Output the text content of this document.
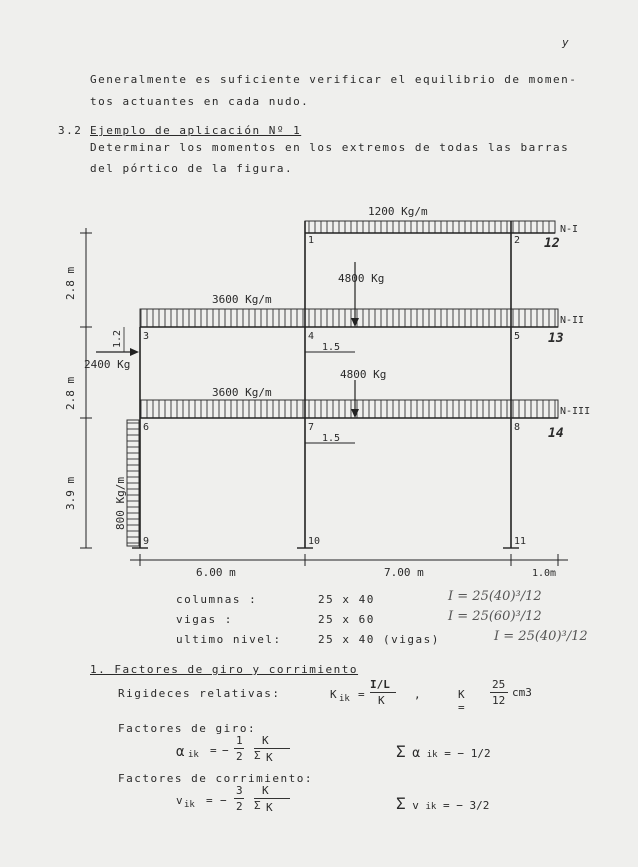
y
Generalmente es suficiente verificar el equilibrio de momen-
tos actuantes en cada nudo.
3.2 Ejemplo de aplicación Nº 1
Determinar los momentos en los extremos de todas las barras
del pórtico de la figura.
1200 Kg/m
3600 Kg/m
3600 Kg/m
4800 Kg
4800 Kg
2400 Kg
1.2
800 Kg/m
1.5
1.5
2.8 m
2.8 m
3.9 m
6.00 m	7.00 m	1.0m
N-I
N-II
N-III
1	2
3	4	5
6	7	8
9	10	11
12
13
14
columnas :	25 x 40	I = 25(40)³/12
vigas :	25 x 60	I = 25(60)³/12
ultimo nivel:	25 x 40 (vigas)	I = 25(40)³/12
1. Factores de giro y corrimiento
Rigideces relativas:	K ik =
I/L
K	,	K =
25
12
cm3
Factores de giro:
α ik = −
1
2
K
Σ K	Σ α ik = − 1/2
Factores de corrimiento:
v ik = −
3
2
K
Σ K	Σ v ik = − 3/2
